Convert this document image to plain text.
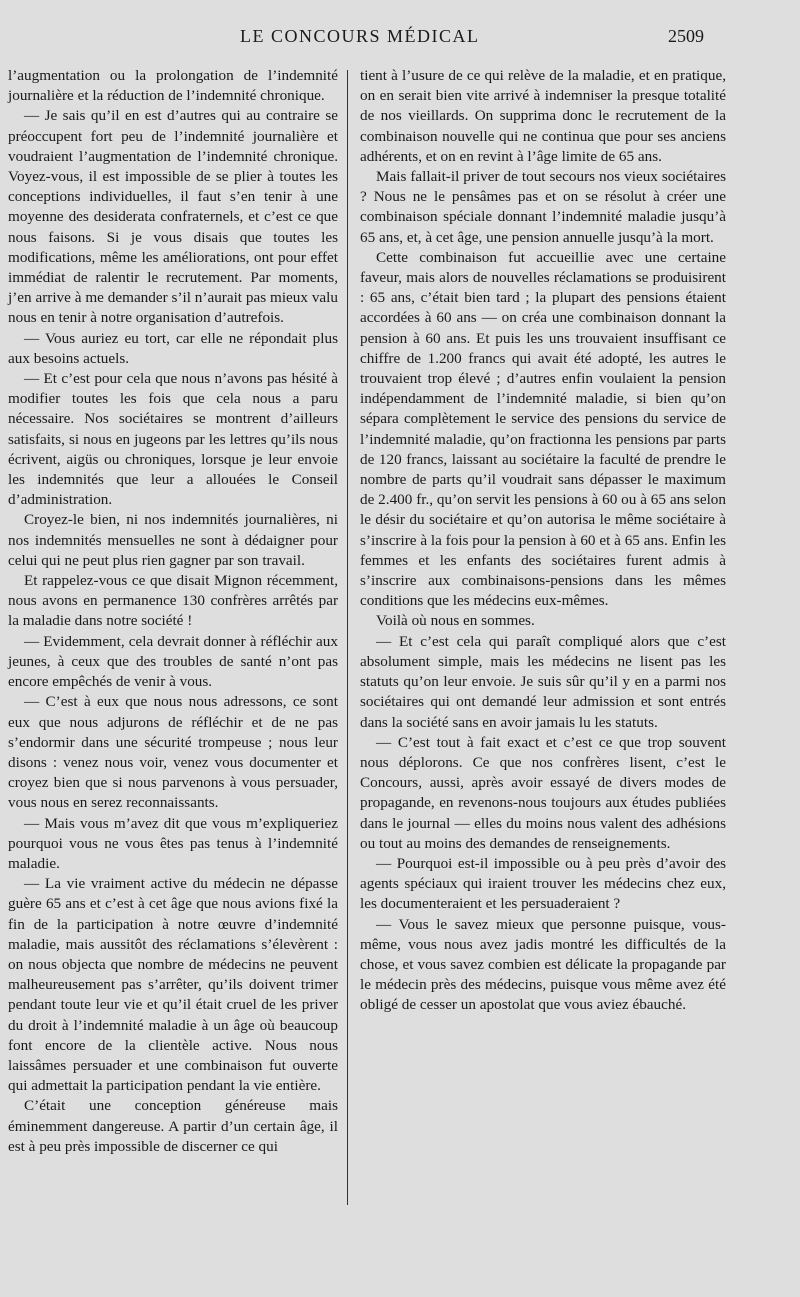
LE CONCOURS MÉDICAL	2509

l’augmentation ou la prolongation de l’indemnité journalière et la réduction de l’indemnité chronique.

— Je sais qu’il en est d’autres qui au contraire se préoccupent fort peu de l’indemnité journalière et voudraient l’augmentation de l’indemnité chronique. Voyez-vous, il est impossible de se plier à toutes les conceptions individuelles, il faut s’en tenir à une moyenne des desiderata confraternels, et c’est ce que nous faisons. Si je vous disais que toutes les modifications, même les améliorations, ont pour effet immédiat de ralentir le recrutement. Par moments, j’en arrive à me demander s’il n’aurait pas mieux valu nous en tenir à notre organisation d’autrefois.

— Vous auriez eu tort, car elle ne répondait plus aux besoins actuels.

— Et c’est pour cela que nous n’avons pas hésité à modifier toutes les fois que cela nous a paru nécessaire. Nos sociétaires se montrent d’ailleurs satisfaits, si nous en jugeons par les lettres qu’ils nous écrivent, aigüs ou chroniques, lorsque je leur envoie les indemnités que leur a allouées le Conseil d’administration.

Croyez-le bien, ni nos indemnités journalières, ni nos indemnités mensuelles ne sont à dédaigner pour celui qui ne peut plus rien gagner par son travail.

Et rappelez-vous ce que disait Mignon récemment, nous avons en permanence 130 confrères arrêtés par la maladie dans notre société !

— Evidemment, cela devrait donner à réfléchir aux jeunes, à ceux que des troubles de santé n’ont pas encore empêchés de venir à vous.

— C’est à eux que nous nous adressons, ce sont eux que nous adjurons de réfléchir et de ne pas s’endormir dans une sécurité trompeuse ; nous leur disons : venez nous voir, venez vous documenter et croyez bien que si nous parvenons à vous persuader, vous nous en serez reconnaissants.

— Mais vous m’avez dit que vous m’expliqueriez pourquoi vous ne vous êtes pas tenus à l’indemnité maladie.

— La vie vraiment active du médecin ne dépasse guère 65 ans et c’est à cet âge que nous avions fixé la fin de la participation à notre œuvre d’indemnité maladie, mais aussitôt des réclamations s’élevèrent : on nous objecta que nombre de médecins ne peuvent malheureusement pas s’arrêter, qu’ils doivent trimer pendant toute leur vie et qu’il était cruel de les priver du droit à l’indemnité maladie à un âge où beaucoup font encore de la clientèle active. Nous nous laissâmes persuader et une combinaison fut ouverte qui admettait la participation pendant la vie entière.

C’était une conception généreuse mais éminemment dangereuse. A partir d’un certain âge, il est à peu près impossible de discerner ce qui

tient à l’usure de ce qui relève de la maladie, et en pratique, on en serait bien vite arrivé à indemniser la presque totalité de nos vieillards. On supprima donc le recrutement de la combinaison nouvelle qui ne continua que pour ses anciens adhérents, et on en revint à l’âge limite de 65 ans.

Mais fallait-il priver de tout secours nos vieux sociétaires ? Nous ne le pensâmes pas et on se résolut à créer une combinaison spéciale donnant l’indemnité maladie jusqu’à 65 ans, et, à cet âge, une pension annuelle jusqu’à la mort.

Cette combinaison fut accueillie avec une certaine faveur, mais alors de nouvelles réclamations se produisirent : 65 ans, c’était bien tard ; la plupart des pensions étaient accordées à 60 ans — on créa une combinaison donnant la pension à 60 ans. Et puis les uns trouvaient insuffisant ce chiffre de 1.200 francs qui avait été adopté, les autres le trouvaient trop élevé ; d’autres enfin voulaient la pension indépendamment de l’indemnité maladie, si bien qu’on sépara complètement le service des pensions du service de l’indemnité maladie, qu’on fractionna les pensions par parts de 120 francs, laissant au sociétaire la faculté de prendre le nombre de parts qu’il voudrait sans dépasser le maximum de 2.400 fr., qu’on servit les pensions à 60 ou à 65 ans selon le désir du sociétaire et qu’on autorisa le même sociétaire à s’inscrire à la fois pour la pension à 60 et à 65 ans. Enfin les femmes et les enfants des sociétaires furent admis à s’inscrire aux combinaisons-pensions dans les mêmes conditions que les médecins eux-mêmes.

Voilà où nous en sommes.

— Et c’est cela qui paraît compliqué alors que c’est absolument simple, mais les médecins ne lisent pas les statuts qu’on leur envoie. Je suis sûr qu’il y en a parmi nos sociétaires qui ont demandé leur admission et sont entrés dans la société sans en avoir jamais lu les statuts.

— C’est tout à fait exact et c’est ce que trop souvent nous déplorons. Ce que nos confrères lisent, c’est le Concours, aussi, après avoir essayé de divers modes de propagande, en revenons-nous toujours aux études publiées dans le journal — elles du moins nous valent des adhésions ou tout au moins des demandes de renseignements.

— Pourquoi est-il impossible ou à peu près d’avoir des agents spéciaux qui iraient trouver les médecins chez eux, les documenteraient et les persuaderaient ?

— Vous le savez mieux que personne puisque, vous-même, vous nous avez jadis montré les difficultés de la chose, et vous savez combien est délicate la propagande par le médecin près des médecins, puisque vous même avez été obligé de cesser un apostolat que vous aviez ébauché.
